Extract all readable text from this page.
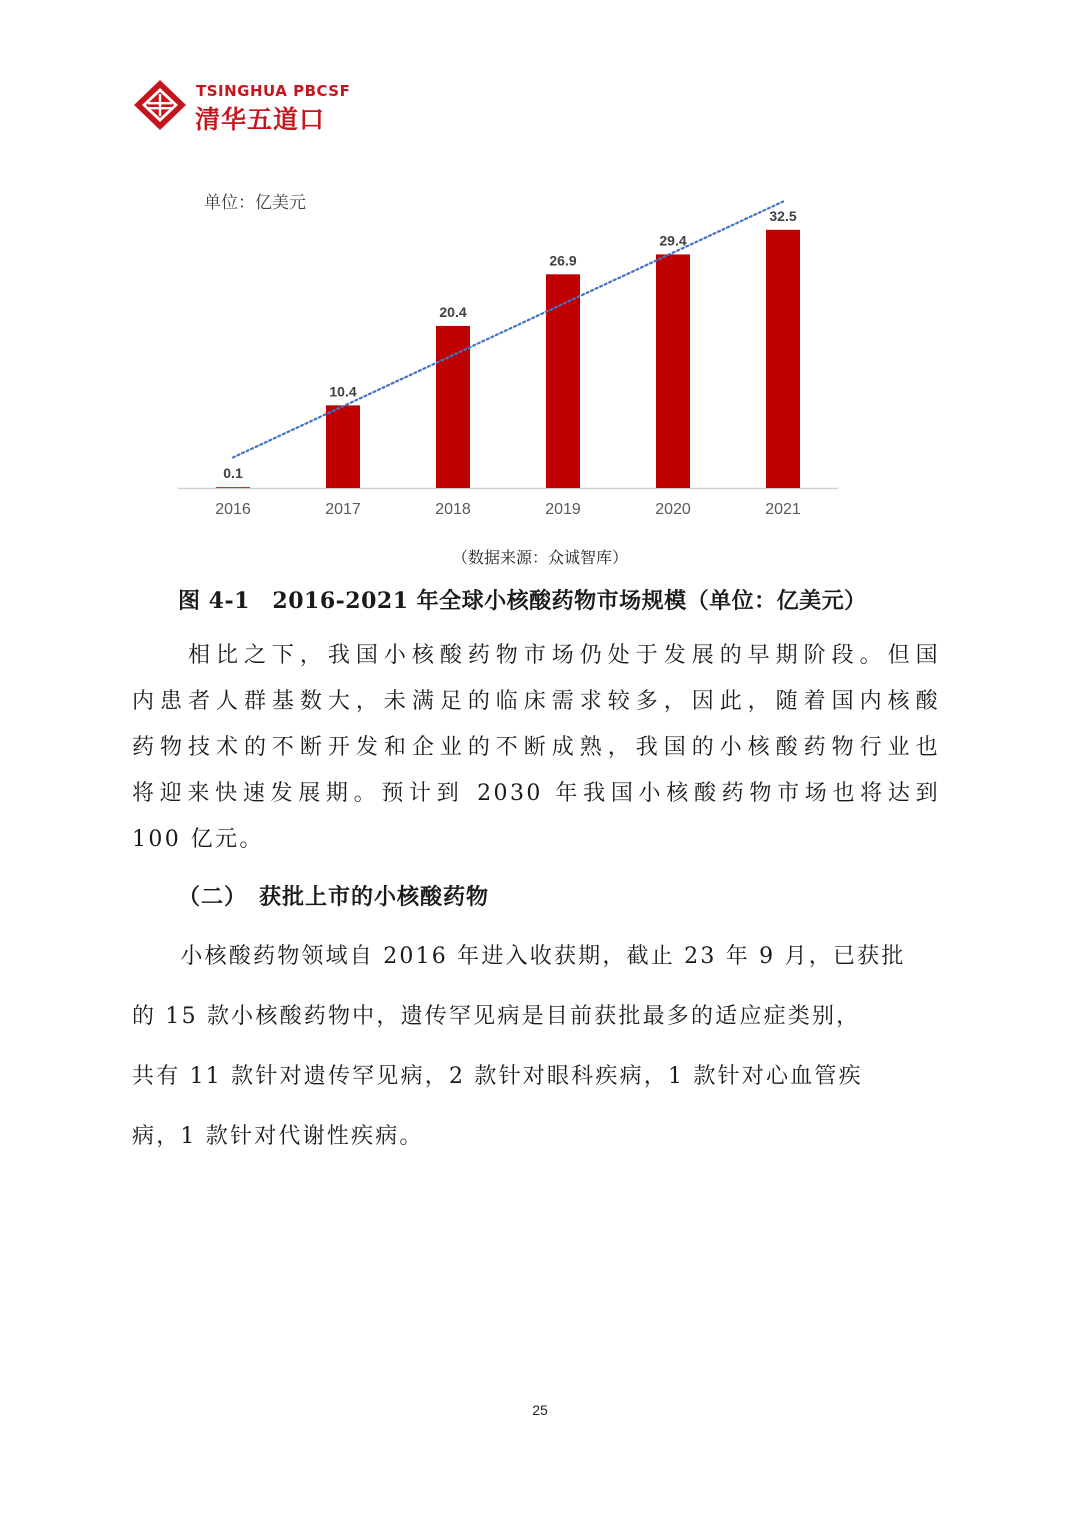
TSINGHUA PBCSF
清华五道口
0.1
2016
10.4
2017
20.4
2018
26.9
2019
29.4
2020
32.5
2021
单位：亿美元
（数据来源：众诚智库）
图 4-1　2016-2021 年全球小核酸药物市场规模（单位：亿美元）
　　相比之下，我国小核酸药物市场仍处于发展的早期阶段。但国
内患者人群基数大，未满足的临床需求较多，因此，随着国内核酸
药物技术的不断开发和企业的不断成熟，我国的小核酸药物行业也
将迎来快速发展期。预计到 2030 年我国小核酸药物市场也将达到
100 亿元。
（二）　获批上市的小核酸药物
　　小核酸药物领域自 2016 年进入收获期，截止 23 年 9 月，已获批
的 15 款小核酸药物中，遗传罕见病是目前获批最多的适应症类别，
共有 11 款针对遗传罕见病，2 款针对眼科疾病，1 款针对心血管疾
病，1 款针对代谢性疾病。
25
